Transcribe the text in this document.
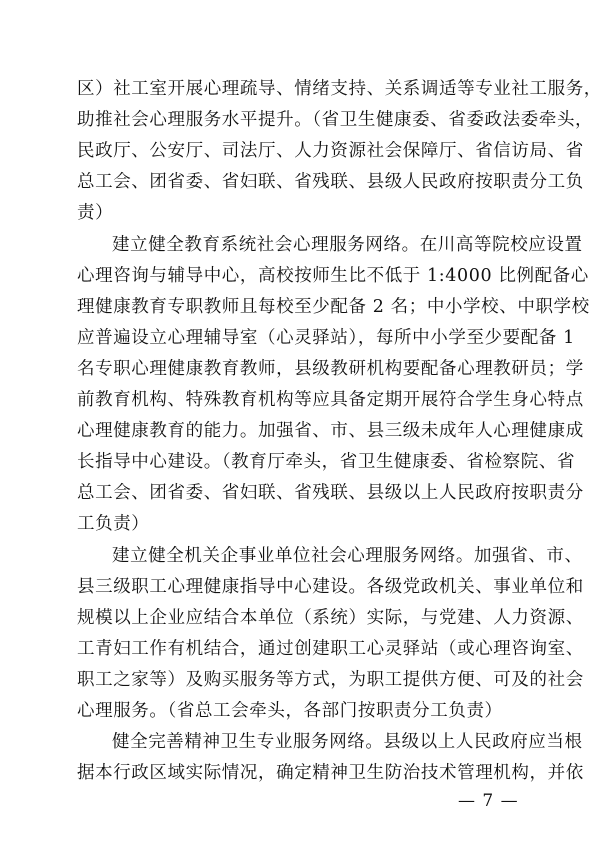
区）社工室开展心理疏导、情绪支持、关系调适等专业社工服务，
助推社会心理服务水平提升。（省卫生健康委、省委政法委牵头，
民政厅、公安厅、司法厅、人力资源社会保障厅、省信访局、省
总工会、团省委、省妇联、省残联、县级人民政府按职责分工负
责）
建立健全教育系统社会心理服务网络。在川高等院校应设置
心理咨询与辅导中心，高校按师生比不低于 1:4000 比例配备心
理健康教育专职教师且每校至少配备 2 名；中小学校、中职学校
应普遍设立心理辅导室（心灵驿站），每所中小学至少要配备 1
名专职心理健康教育教师，县级教研机构要配备心理教研员；学
前教育机构、特殊教育机构等应具备定期开展符合学生身心特点
心理健康教育的能力。加强省、市、县三级未成年人心理健康成
长指导中心建设。（教育厅牵头，省卫生健康委、省检察院、省
总工会、团省委、省妇联、省残联、县级以上人民政府按职责分
工负责）
建立健全机关企事业单位社会心理服务网络。加强省、市、
县三级职工心理健康指导中心建设。各级党政机关、事业单位和
规模以上企业应结合本单位（系统）实际，与党建、人力资源、
工青妇工作有机结合，通过创建职工心灵驿站（或心理咨询室、
职工之家等）及购买服务等方式，为职工提供方便、可及的社会
心理服务。（省总工会牵头，各部门按职责分工负责）
健全完善精神卫生专业服务网络。县级以上人民政府应当根
据本行政区域实际情况，确定精神卫生防治技术管理机构，并依
— 7 —
